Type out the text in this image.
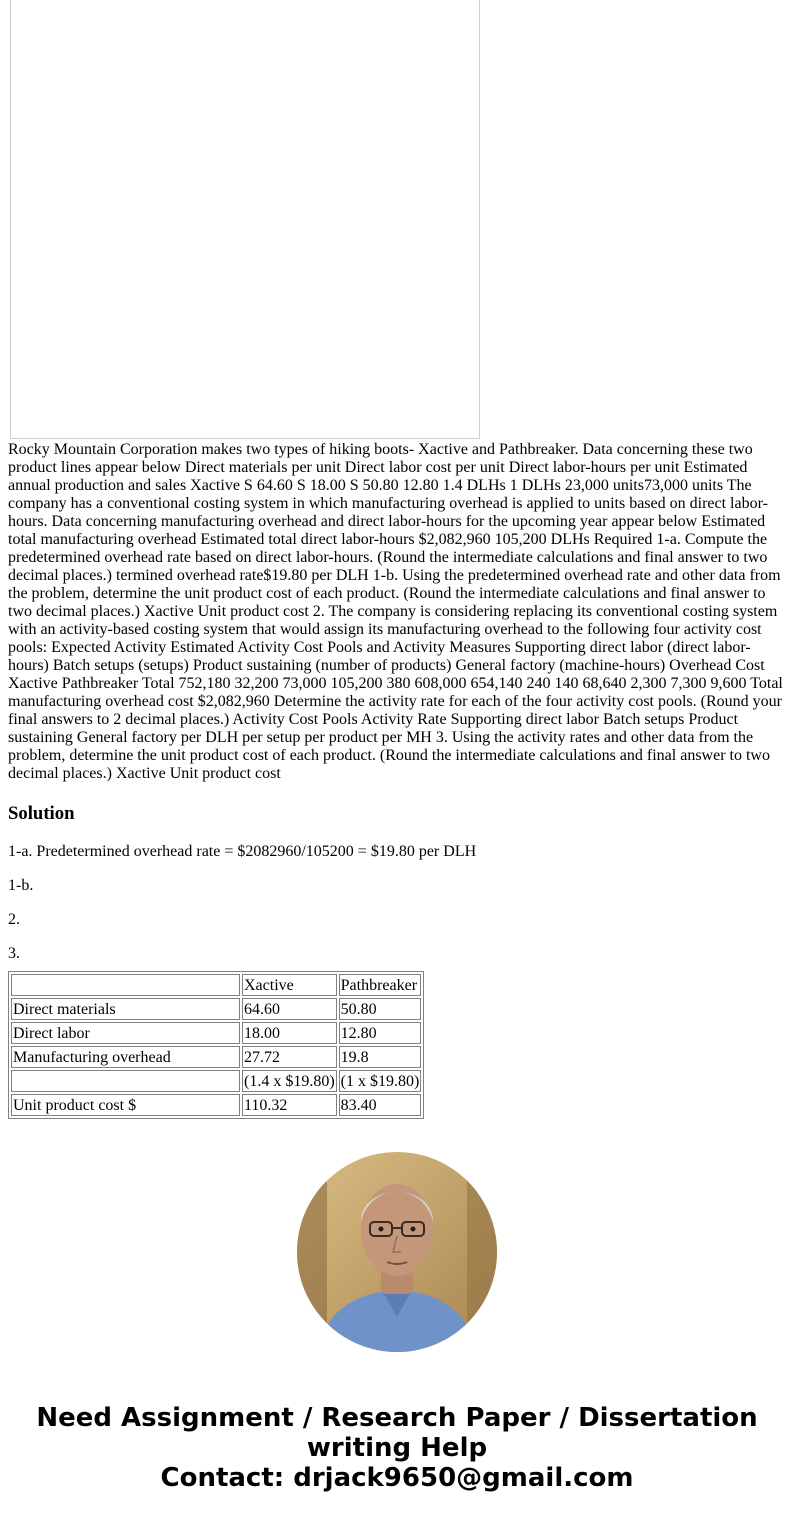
Rocky Mountain Corporation makes two types of hiking boots- Xactive and Pathbreaker. Data concerning these two product lines appear below Direct materials per unit Direct labor cost per unit Direct labor-hours per unit Estimated annual production and sales Xactive S 64.60 S 18.00 S 50.80 12.80 1.4 DLHs 1 DLHs 23,000 units73,000 units The company has a conventional costing system in which manufacturing overhead is applied to units based on direct labor-hours. Data concerning manufacturing overhead and direct labor-hours for the upcoming year appear below Estimated total manufacturing overhead Estimated total direct labor-hours $2,082,960 105,200 DLHs Required 1-a. Compute the predetermined overhead rate based on direct labor-hours. (Round the intermediate calculations and final answer to two decimal places.) termined overhead rate$19.80 per DLH 1-b. Using the predetermined overhead rate and other data from the problem, determine the unit product cost of each product. (Round the intermediate calculations and final answer to two decimal places.) Xactive Unit product cost 2. The company is considering replacing its conventional costing system with an activity-based costing system that would assign its manufacturing overhead to the following four activity cost pools: Expected Activity Estimated Activity Cost Pools and Activity Measures Supporting direct labor (direct labor-hours) Batch setups (setups) Product sustaining (number of products) General factory (machine-hours) Overhead Cost Xactive Pathbreaker Total 752,180 32,200 73,000 105,200 380 608,000 654,140 240 140 68,640 2,300 7,300 9,600 Total manufacturing overhead cost $2,082,960 Determine the activity rate for each of the four activity cost pools. (Round your final answers to 2 decimal places.) Activity Cost Pools Activity Rate Supporting direct labor Batch setups Product sustaining General factory per DLH per setup per product per MH 3. Using the activity rates and other data from the problem, determine the unit product cost of each product. (Round the intermediate calculations and final answer to two decimal places.) Xactive Unit product cost
Solution

1-a. Predetermined overhead rate = $2082960/105200 = $19.80 per DLH

1-b.

2.

3.

	Xactive	Pathbreaker
Direct materials	64.60	50.80
Direct labor	18.00	12.80
Manufacturing overhead	27.72	19.8
	(1.4 x $19.80)	(1 x $19.80)
Unit product cost $	110.32	83.40
Need Assignment / Research Paper / Dissertation writing Help
Contact: drjack9650@gmail.com
